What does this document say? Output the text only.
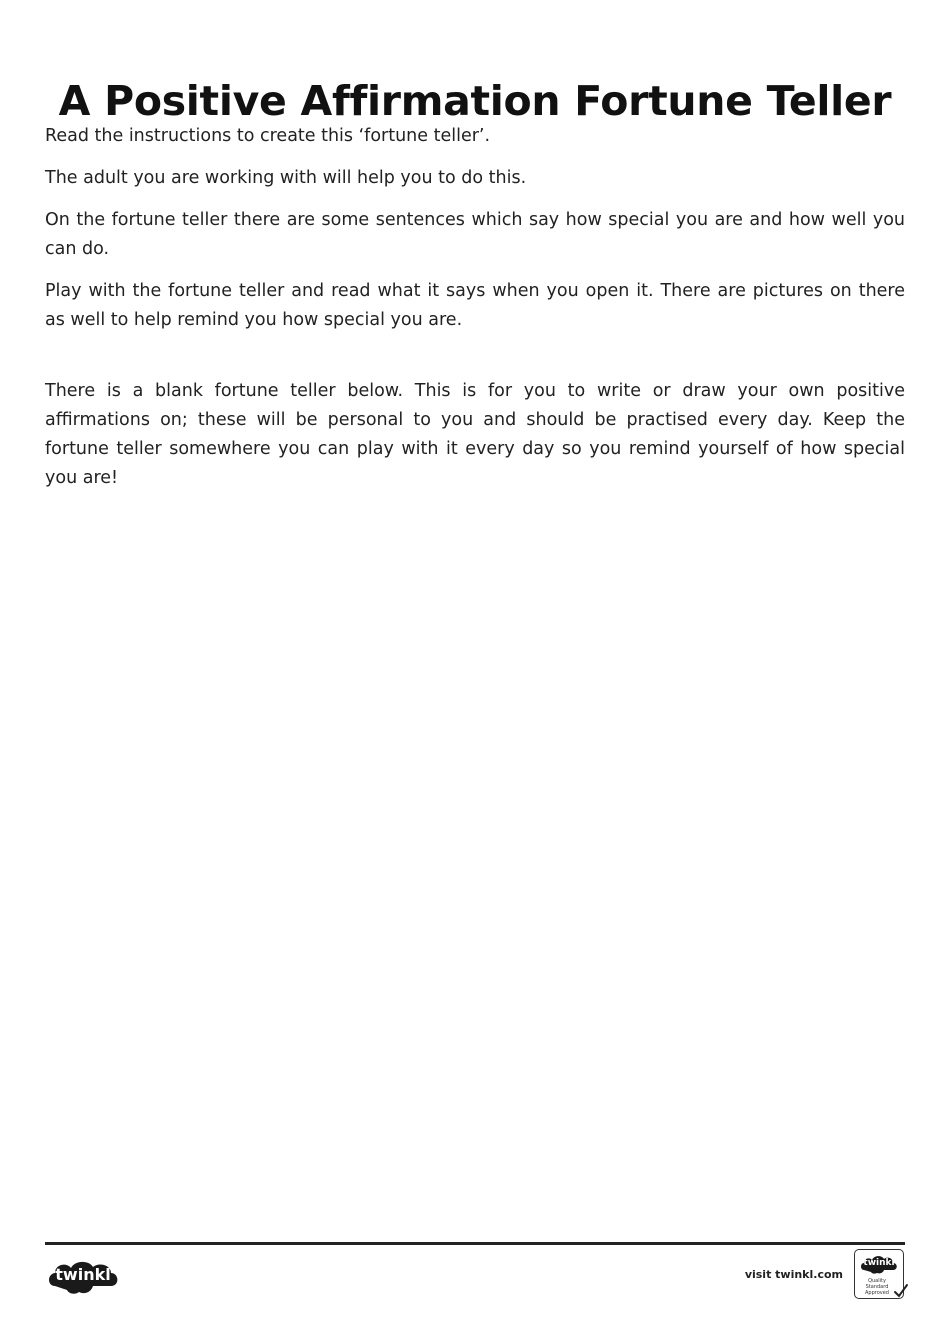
A Positive Affirmation Fortune Teller

Read the instructions to create this ‘fortune teller’.

The adult you are working with will help you to do this.

On the fortune teller there are some sentences which say how special you are and how well you can do.

Play with the fortune teller and read what it says when you open it. There are pictures on there as well to help remind you how special you are.

There is a blank fortune teller below. This is for you to write or draw your own positive affirmations on; these will be personal to you and should be practised every day. Keep the fortune teller somewhere you can play with it every day so you remind yourself of how special you are!

twinkl	visit twinkl.com
twinkl
Quality Standard Approved
